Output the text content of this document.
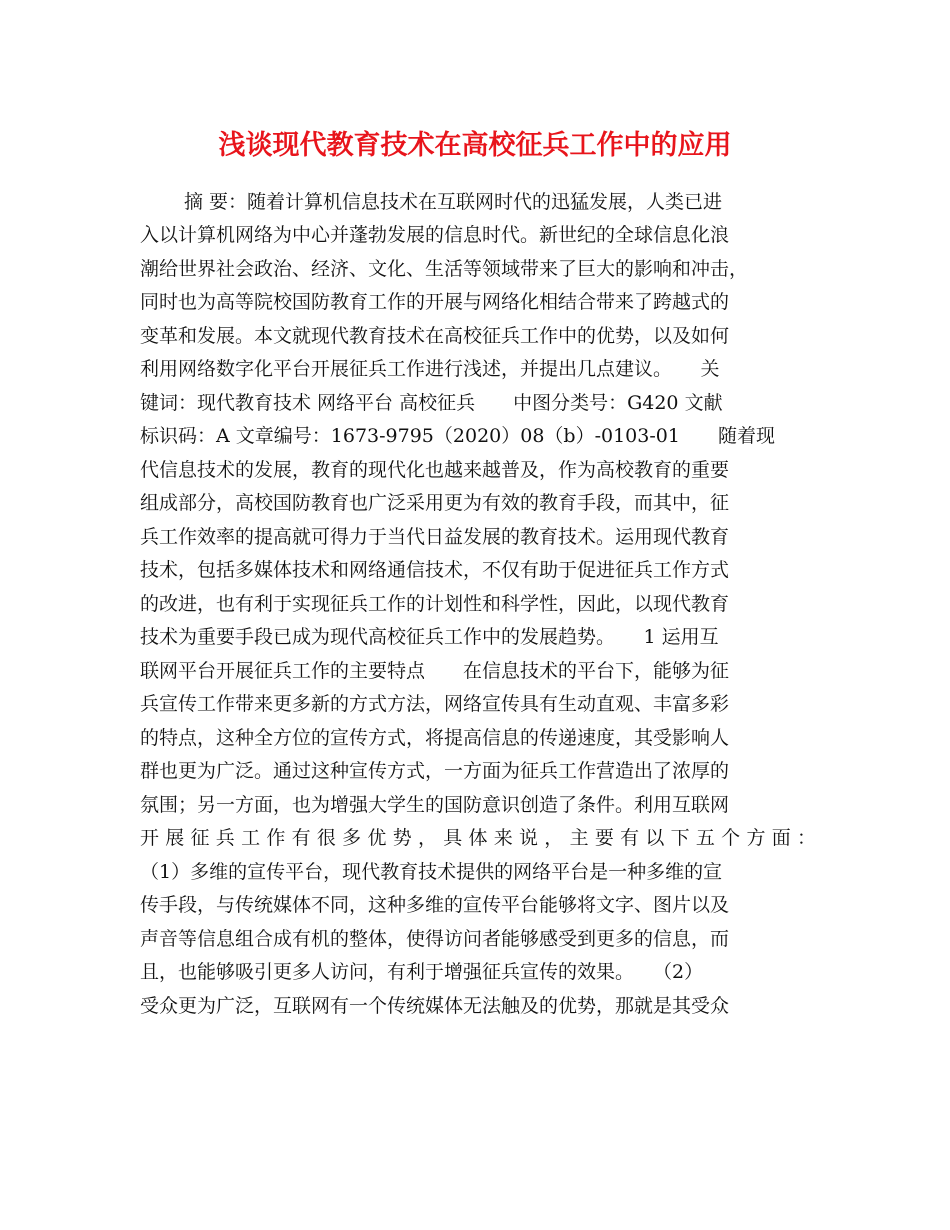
浅谈现代教育技术在高校征兵工作中的应用
摘 要：随着计算机信息技术在互联网时代的迅猛发展，人类已进
入以计算机网络为中心并蓬勃发展的信息时代。新世纪的全球信息化浪
潮给世界社会政治、经济、文化、生活等领域带来了巨大的影响和冲击，
同时也为高等院校国防教育工作的开展与网络化相结合带来了跨越式的
变革和发展。本文就现代教育技术在高校征兵工作中的优势，以及如何
利用网络数字化平台开展征兵工作进行浅述，并提出几点建议。　　关
键词：现代教育技术 网络平台 高校征兵　　中图分类号：G420 文献
标识码：A 文章编号：1673-9795（2020）08（b）-0103-01　　随着现
代信息技术的发展，教育的现代化也越来越普及，作为高校教育的重要
组成部分，高校国防教育也广泛采用更为有效的教育手段，而其中，征
兵工作效率的提高就可得力于当代日益发展的教育技术。运用现代教育
技术，包括多媒体技术和网络通信技术，不仅有助于促进征兵工作方式
的改进，也有利于实现征兵工作的计划性和科学性，因此，以现代教育
技术为重要手段已成为现代高校征兵工作中的发展趋势。　　1 运用互
联网平台开展征兵工作的主要特点　　在信息技术的平台下，能够为征
兵宣传工作带来更多新的方式方法，网络宣传具有生动直观、丰富多彩
的特点，这种全方位的宣传方式，将提高信息的传递速度，其受影响人
群也更为广泛。通过这种宣传方式，一方面为征兵工作营造出了浓厚的
氛围；另一方面，也为增强大学生的国防意识创造了条件。利用互联网
开展征兵工作有很多优势，具体来说，主要有以下五个方面：
（1）多维的宣传平台，现代教育技术提供的网络平台是一种多维的宣
传手段，与传统媒体不同，这种多维的宣传平台能够将文字、图片以及
声音等信息组合成有机的整体，使得访问者能够感受到更多的信息，而
且，也能够吸引更多人访问，有利于增强征兵宣传的效果。　　（2）
受众更为广泛，互联网有一个传统媒体无法触及的优势，那就是其受众
